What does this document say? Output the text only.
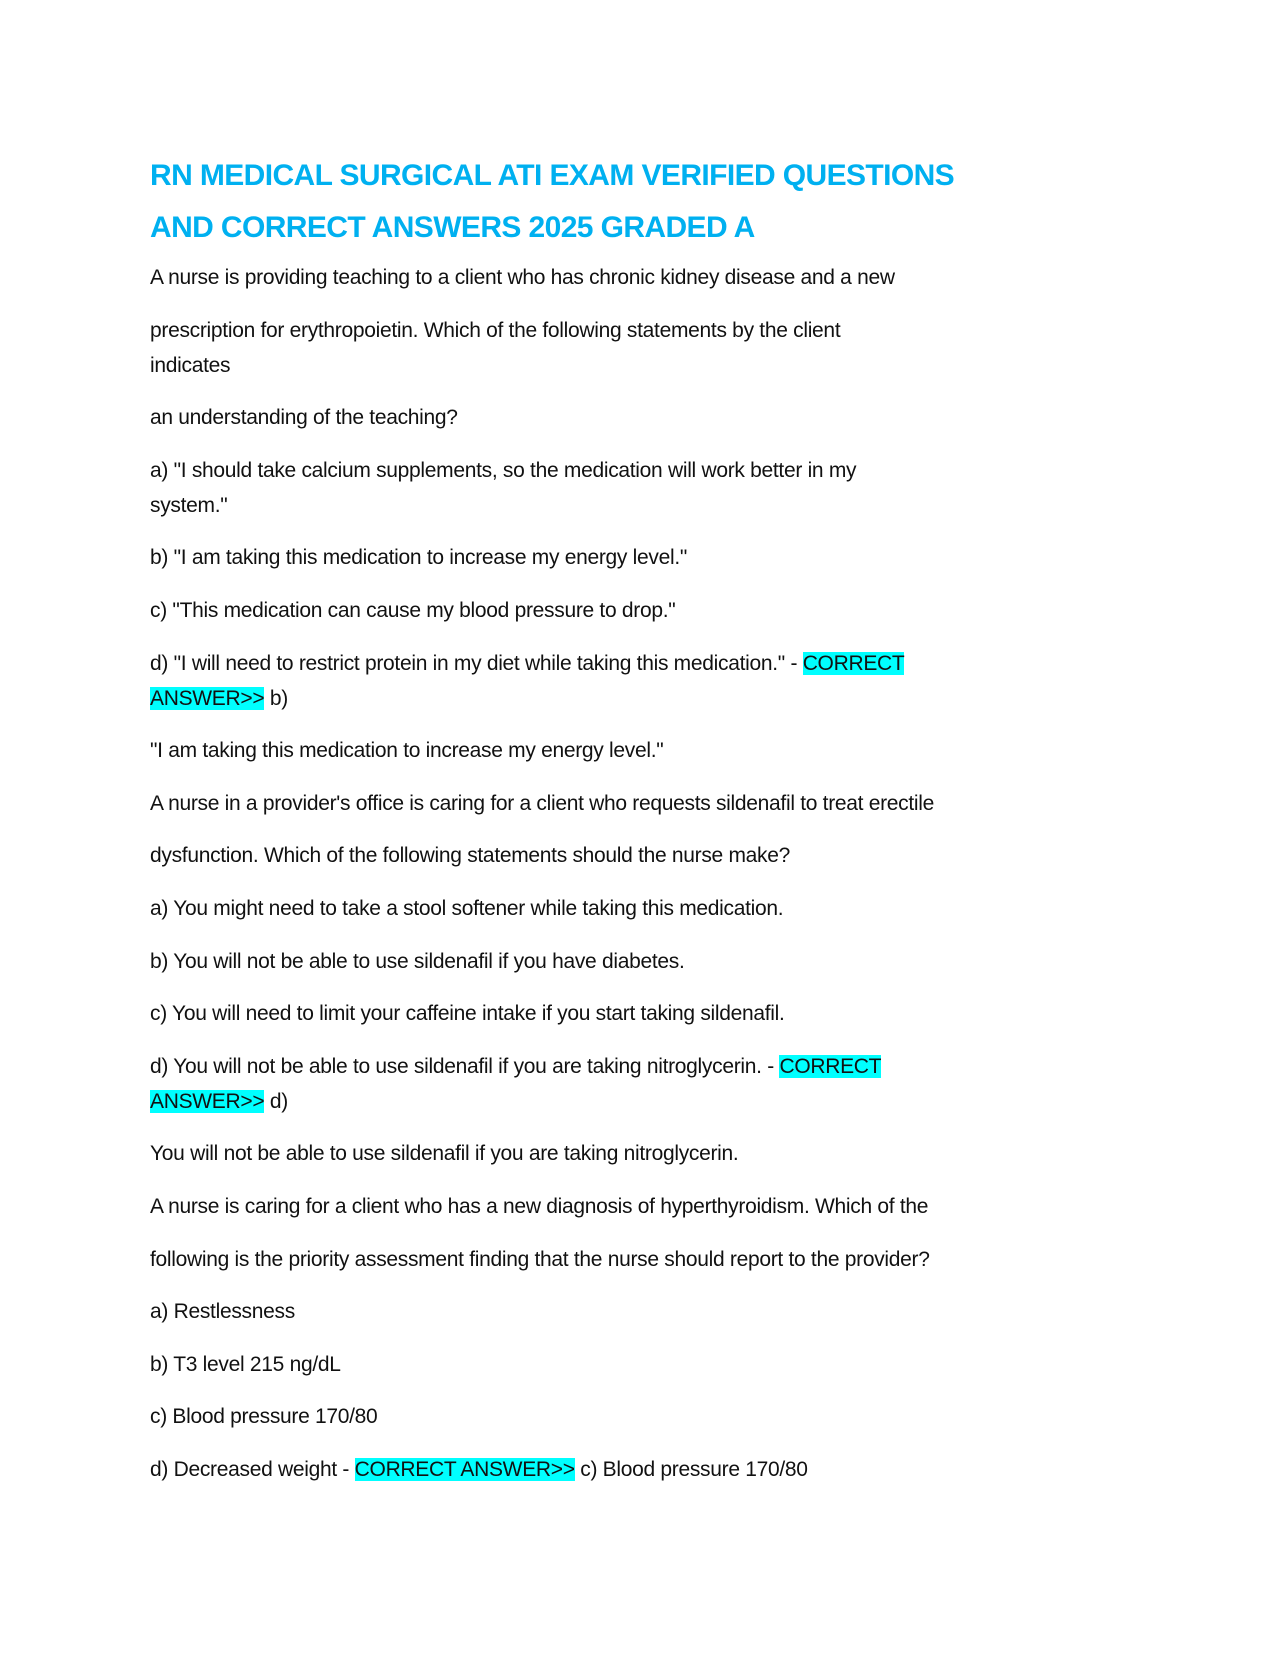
RN MEDICAL SURGICAL ATI EXAM VERIFIED QUESTIONS
AND CORRECT ANSWERS 2025 GRADED A
A nurse is providing teaching to a client who has chronic kidney disease and a new
prescription for erythropoietin. Which of the following statements by the client
indicates
an understanding of the teaching?
a) "I should take calcium supplements, so the medication will work better in my
system."
b) "I am taking this medication to increase my energy level."
c) "This medication can cause my blood pressure to drop."
d) "I will need to restrict protein in my diet while taking this medication." - CORRECT
ANSWER>> b)
"I am taking this medication to increase my energy level."
A nurse in a provider's office is caring for a client who requests sildenafil to treat erectile
dysfunction. Which of the following statements should the nurse make?
a) You might need to take a stool softener while taking this medication.
b) You will not be able to use sildenafil if you have diabetes.
c) You will need to limit your caffeine intake if you start taking sildenafil.
d) You will not be able to use sildenafil if you are taking nitroglycerin. - CORRECT
ANSWER>> d)
You will not be able to use sildenafil if you are taking nitroglycerin.
A nurse is caring for a client who has a new diagnosis of hyperthyroidism. Which of the
following is the priority assessment finding that the nurse should report to the provider?
a) Restlessness
b) T3 level 215 ng/dL
c) Blood pressure 170/80
d) Decreased weight - CORRECT ANSWER>> c) Blood pressure 170/80
